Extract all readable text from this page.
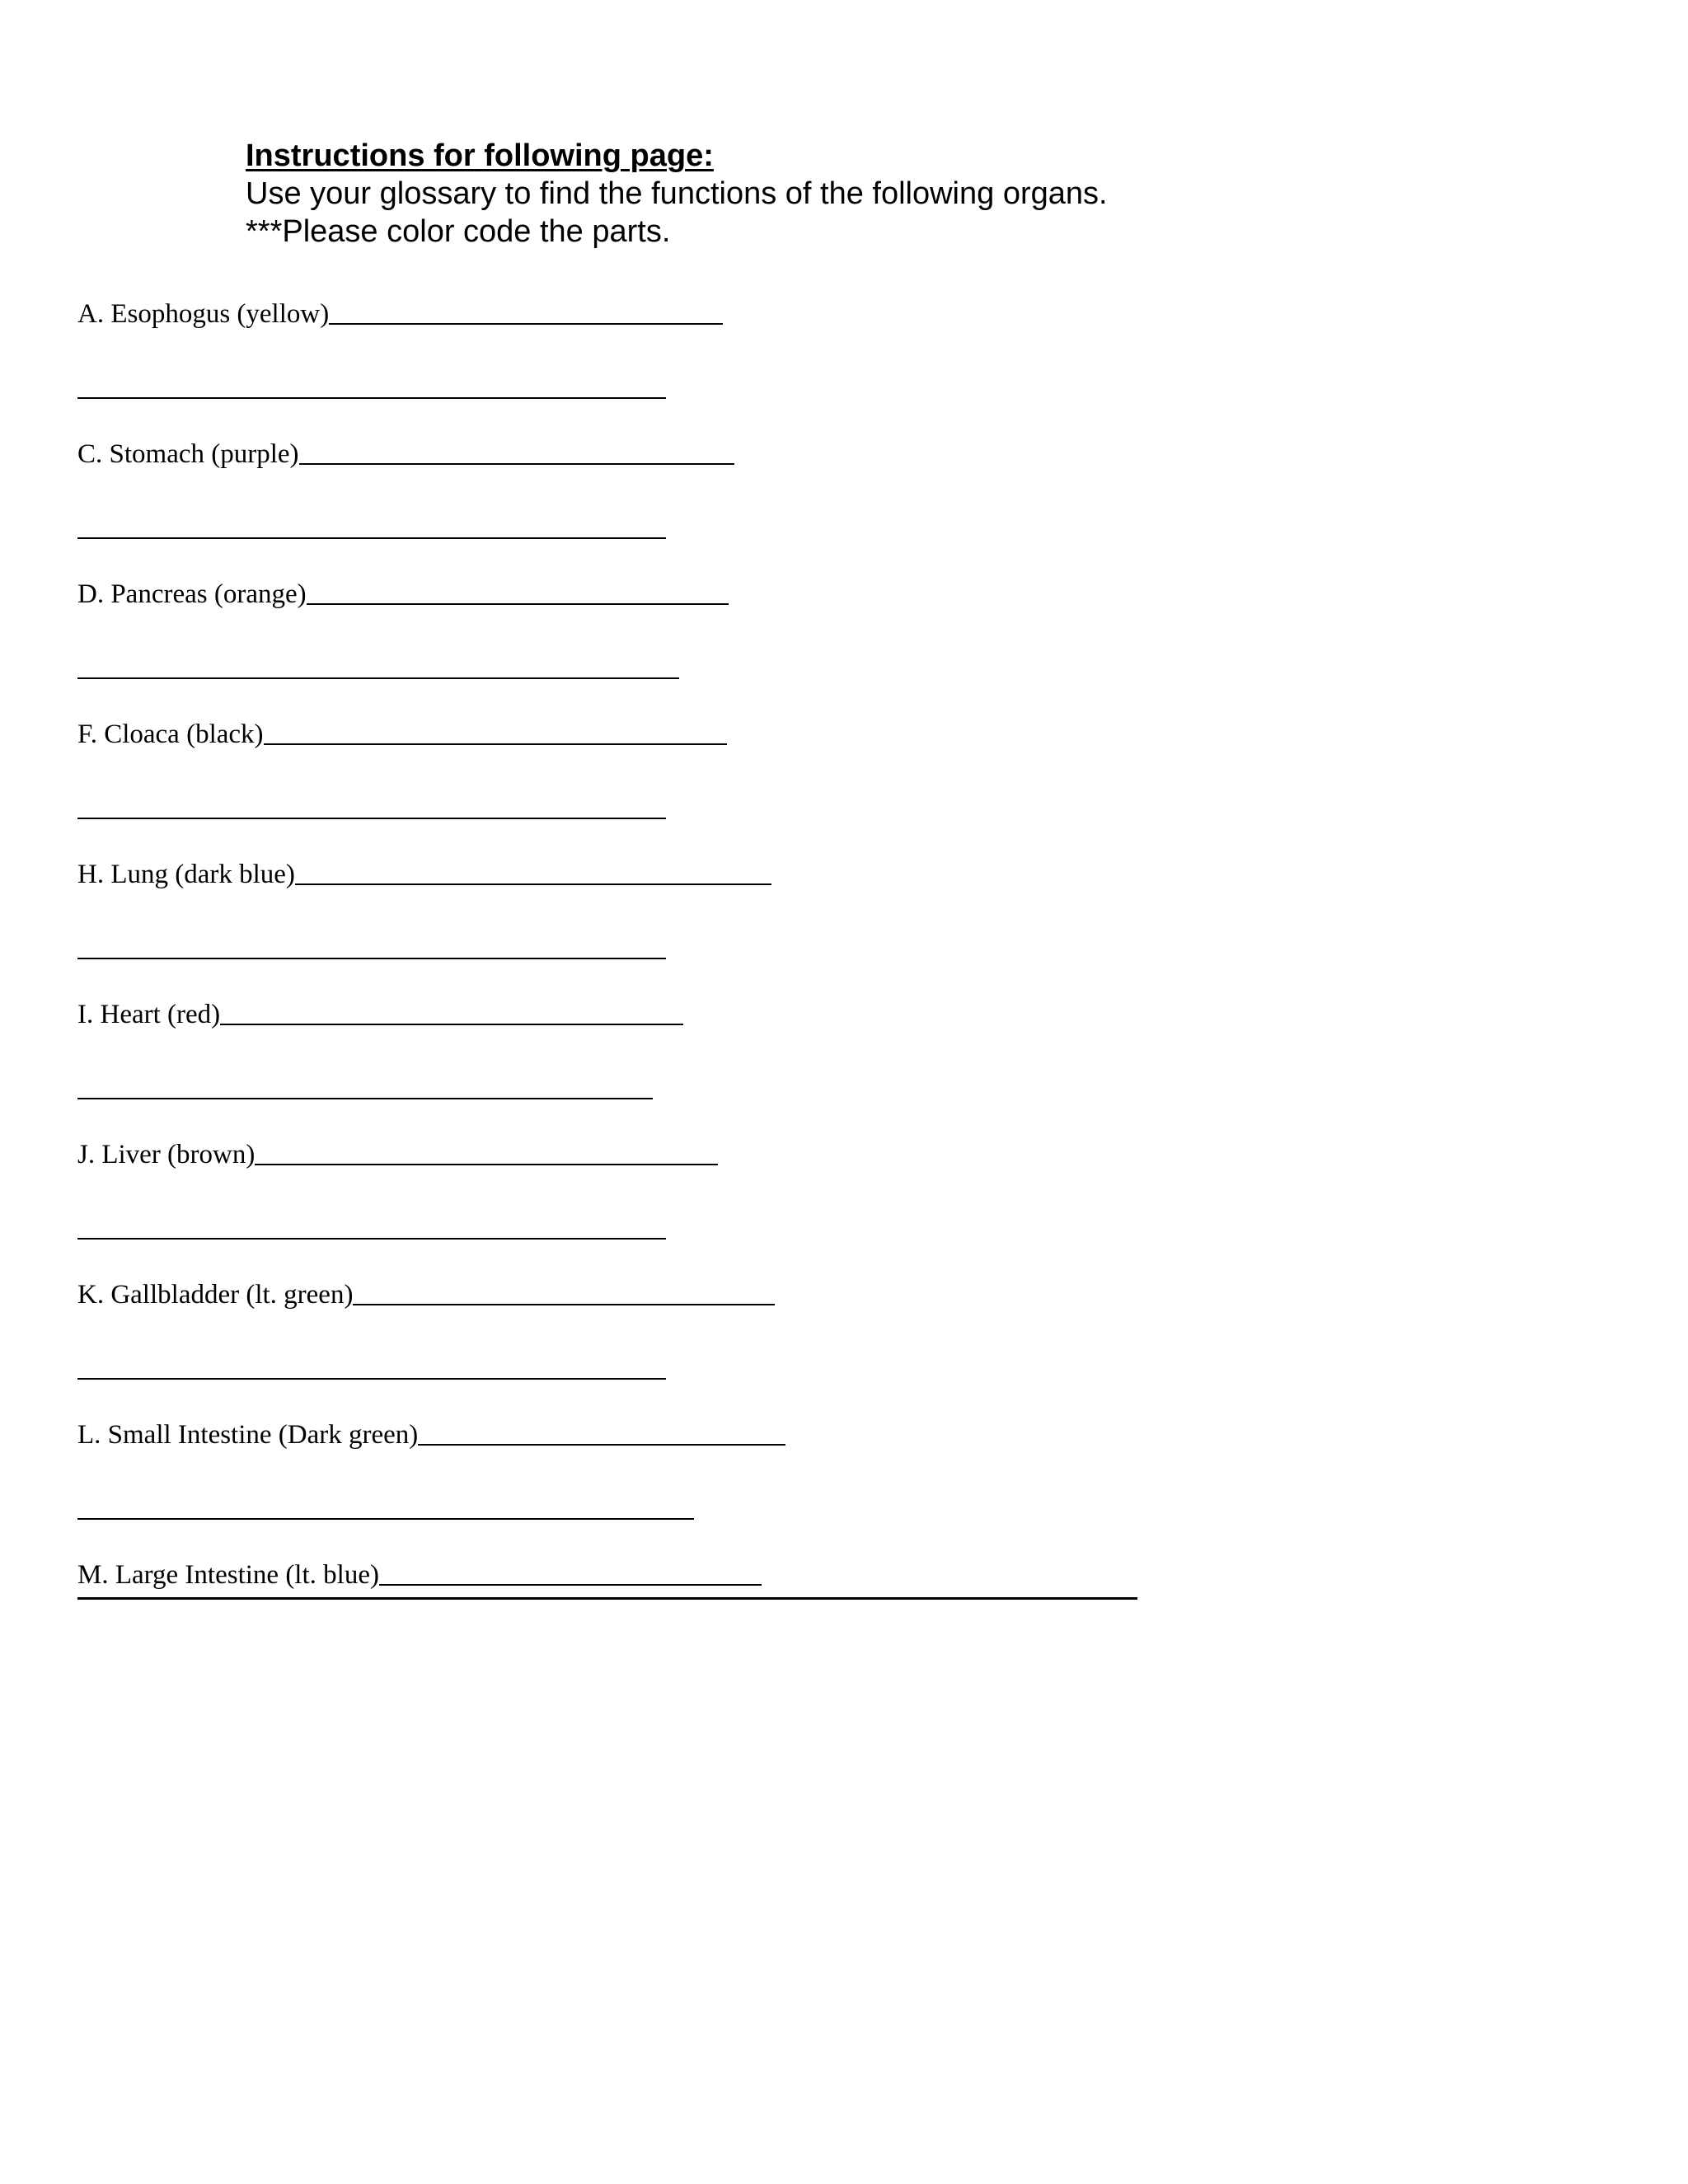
Instructions for following page:
Use your glossary to find the functions of the following organs.
***Please color code the parts.
A. Esophogus (yellow)
C. Stomach (purple)
D. Pancreas (orange)
F. Cloaca (black)
H. Lung (dark blue)
I. Heart (red)
J. Liver (brown)
K. Gallbladder (lt. green)
L. Small Intestine (Dark green)
M. Large Intestine (lt. blue)
